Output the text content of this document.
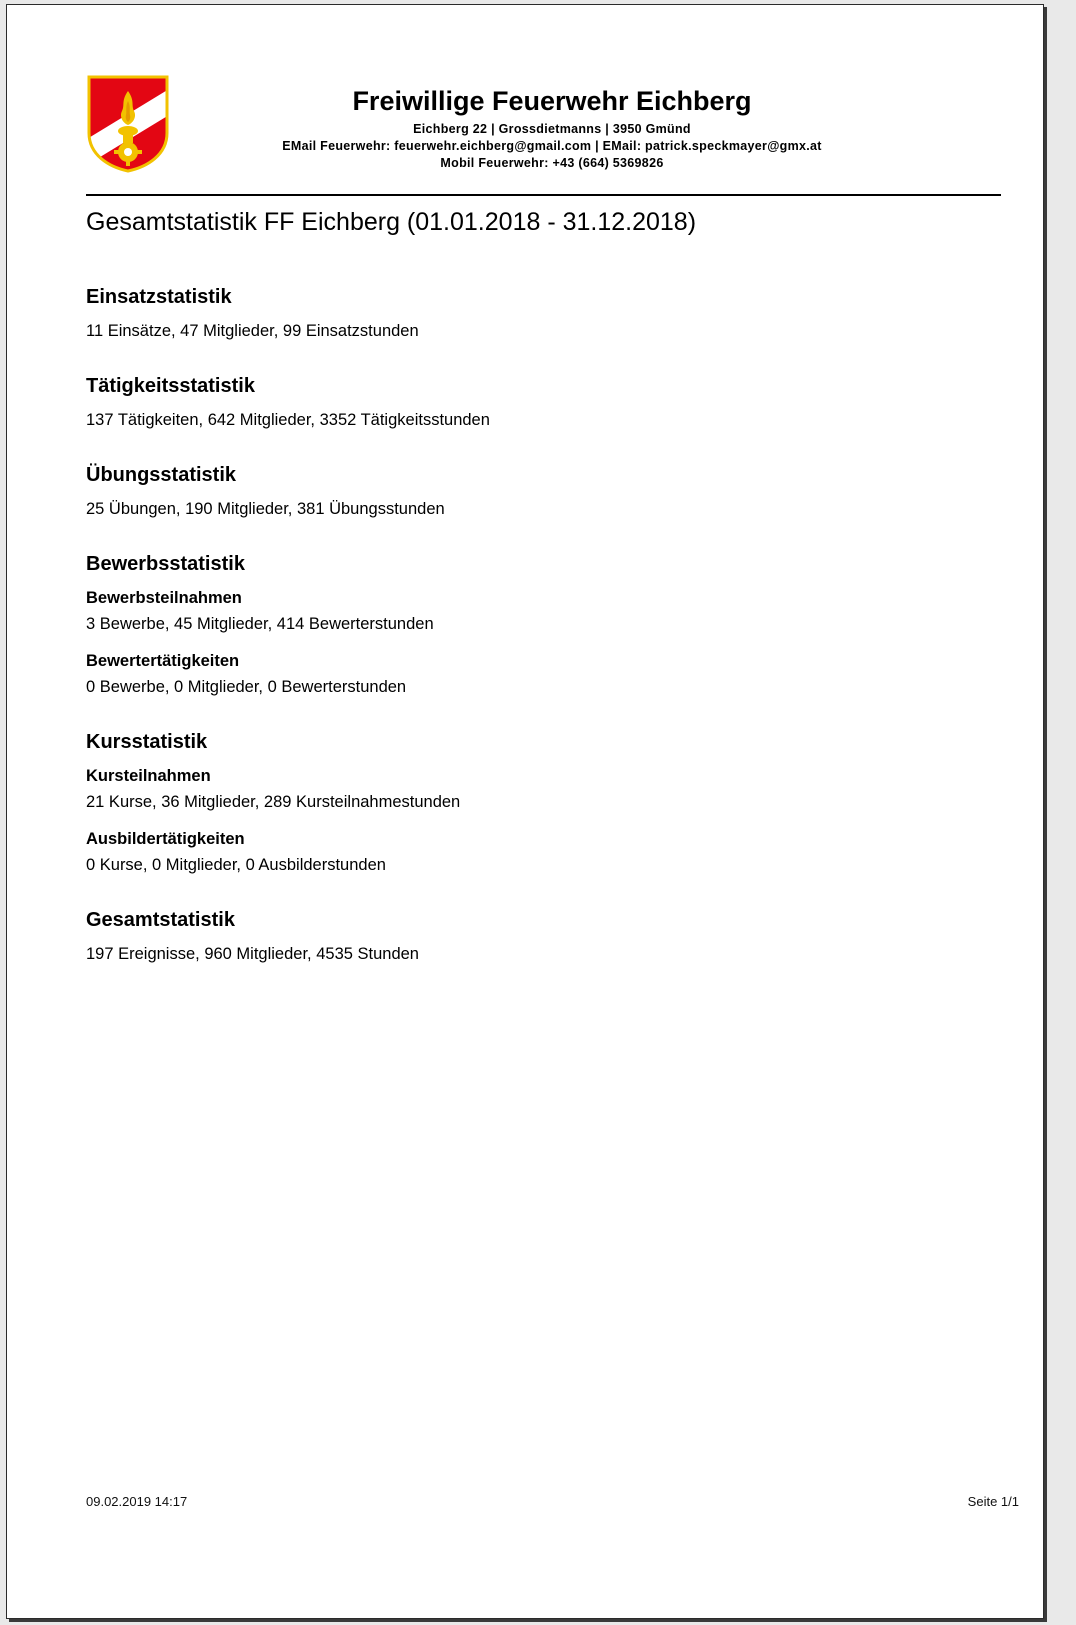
Freiwillige Feuerwehr Eichberg
Eichberg 22 | Grossdietmanns | 3950 Gmünd
EMail Feuerwehr: feuerwehr.eichberg@gmail.com | EMail: patrick.speckmayer@gmx.at
Mobil Feuerwehr: +43 (664) 5369826
Gesamtstatistik FF Eichberg (01.01.2018 - 31.12.2018)
Einsatzstatistik
11 Einsätze, 47 Mitglieder, 99 Einsatzstunden
Tätigkeitsstatistik
137 Tätigkeiten, 642 Mitglieder, 3352 Tätigkeitsstunden
Übungsstatistik
25 Übungen, 190 Mitglieder, 381 Übungsstunden
Bewerbsstatistik
Bewerbsteilnahmen
3 Bewerbe, 45 Mitglieder, 414 Bewerterstunden
Bewertertätigkeiten
0 Bewerbe, 0 Mitglieder, 0 Bewerterstunden
Kursstatistik
Kursteilnahmen
21 Kurse, 36 Mitglieder, 289 Kursteilnahmestunden
Ausbildertätigkeiten
0 Kurse, 0 Mitglieder, 0 Ausbilderstunden
Gesamtstatistik
197 Ereignisse, 960 Mitglieder, 4535 Stunden
09.02.2019 14:17	Seite 1/1
